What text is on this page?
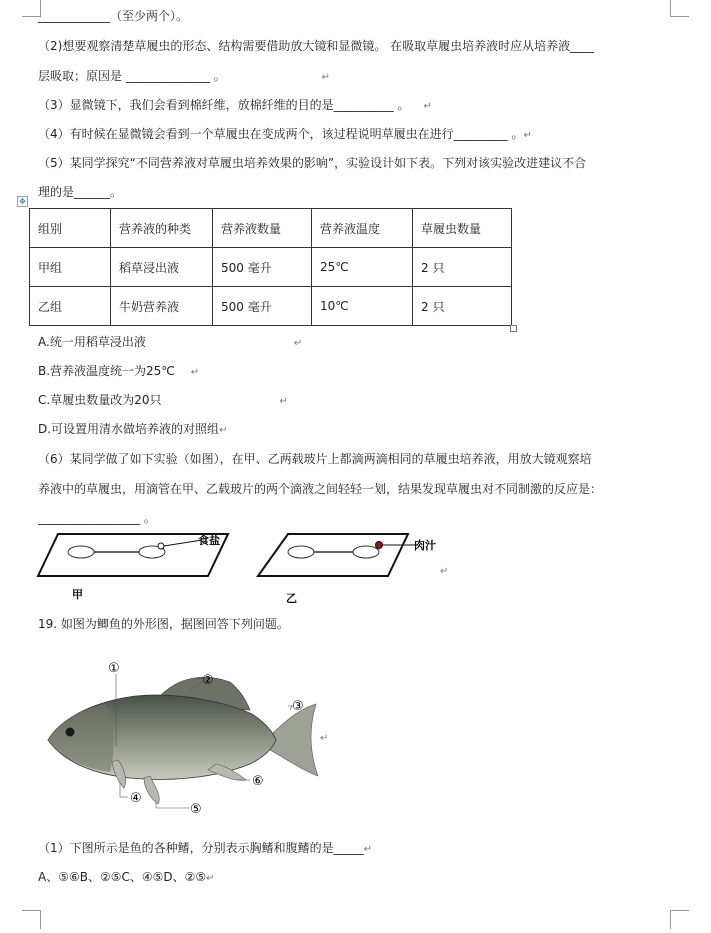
____________（至少两个）。
（2)想要观察清楚草履虫的形态、结构需要借助放大镜和显微镜。 在吸取草履虫培养液时应从培养液____
层吸取；原因是 ______________ 。	↵
（3）显微镜下，我们会看到棉纤维，放棉纤维的目的是__________ 。 ↵
（4）有时候在显微镜会看到一个草履虫在变成两个，该过程说明草履虫在进行_________ 。↵
（5）某同学探究“不同营养液对草履虫培养效果的影响”，实验设计如下表。下列对该实验改进建议不合
理的是______。
✥
组别	营养液的种类	营养液数量	营养液温度	草履虫数量
甲组	稻草浸出液	500 毫升	25℃	2 只
乙组	牛奶营养液	500 毫升	10℃	2 只
A.统一用稻草浸出液	↵
B.营养液温度统一为25℃ ↵
C.草履虫数量改为20只	↵
D.可设置用清水做培养液的对照组↵
（6）某同学做了如下实验（如图），在甲、乙两载玻片上都滴两滴相同的草履虫培养液，用放大镜观察培
养液中的草履虫，用滴管在甲、乙载玻片的两个滴液之间轻轻一划，结果发现草履虫对不同制激的反应是：
_________________ 。
食盐
甲
肉汁
乙
↵
19. 如图为鲫鱼的外形图，据图回答下列问题。
①
②
③
④
⑤
⑥
↵
（1）下图所示是鱼的各种鳍，分别表示胸鳍和腹鳍的是_____↵
A、⑤⑥B、②⑤C、④⑤D、②⑤↵
